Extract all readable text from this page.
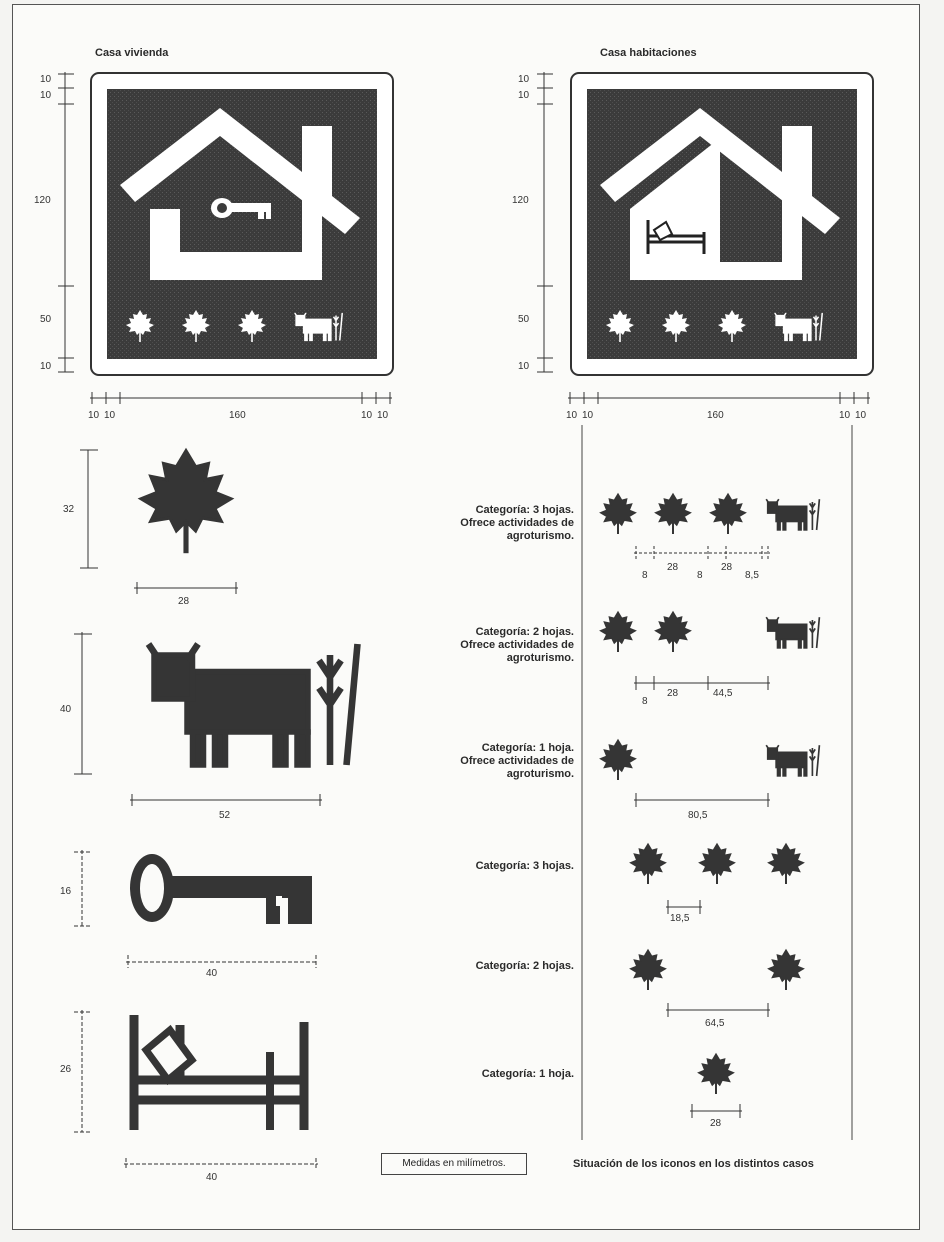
Casa vivienda	Casa habitaciones
10
10
120
50
10
10 10	160	10 10
10
10
120
50
10
10 10	160	10 10
32
28
40
52
16
40
26
40
Categoría: 3 hojas.
Ofrece actividades de
agroturismo.
Categoría: 2 hojas.
Ofrece actividades de
agroturismo.
Categoría: 1 hoja.
Ofrece actividades de
agroturismo.
Categoría: 3 hojas.
Categoría: 2 hojas.
Categoría: 1 hoja.
8
28
8
28
8,5
8
28	44,5
80,5
18,5
64,5
28
Medidas en milímetros.	Situación de los iconos en los distintos casos
